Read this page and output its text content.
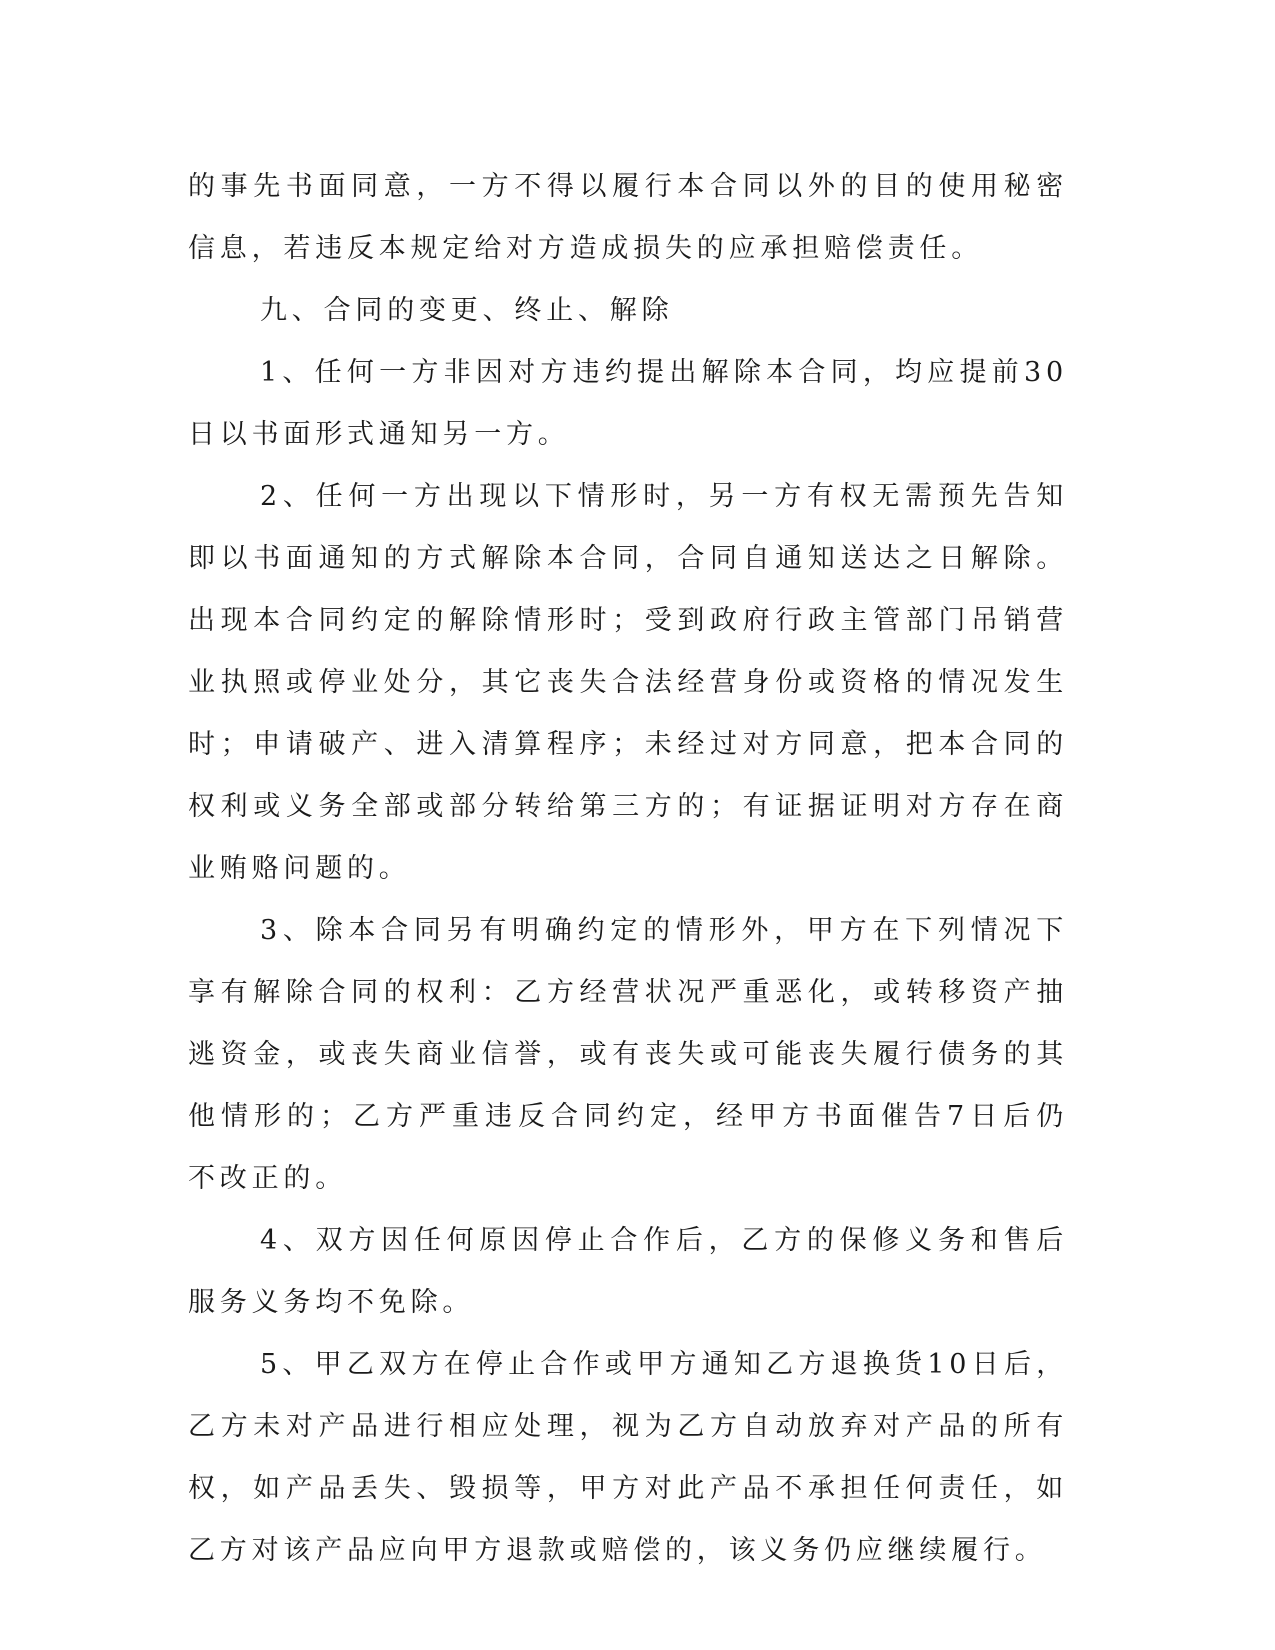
的事先书面同意，一方不得以履行本合同以外的目的使用秘密信息，若违反本规定给对方造成损失的应承担赔偿责任。

九、合同的变更、终止、解除

1、任何一方非因对方违约提出解除本合同，均应提前30日以书面形式通知另一方。

2、任何一方出现以下情形时，另一方有权无需预先告知即以书面通知的方式解除本合同，合同自通知送达之日解除。出现本合同约定的解除情形时；受到政府行政主管部门吊销营业执照或停业处分，其它丧失合法经营身份或资格的情况发生时；申请破产、进入清算程序；未经过对方同意，把本合同的权利或义务全部或部分转给第三方的；有证据证明对方存在商业贿赂问题的。

3、除本合同另有明确约定的情形外，甲方在下列情况下享有解除合同的权利：乙方经营状况严重恶化，或转移资产抽逃资金，或丧失商业信誉，或有丧失或可能丧失履行债务的其他情形的；乙方严重违反合同约定，经甲方书面催告7日后仍不改正的。

4、双方因任何原因停止合作后，乙方的保修义务和售后服务义务均不免除。

5、甲乙双方在停止合作或甲方通知乙方退换货10日后，乙方未对产品进行相应处理，视为乙方自动放弃对产品的所有权，如产品丢失、毁损等，甲方对此产品不承担任何责任，如乙方对该产品应向甲方退款或赔偿的，该义务仍应继续履行。
